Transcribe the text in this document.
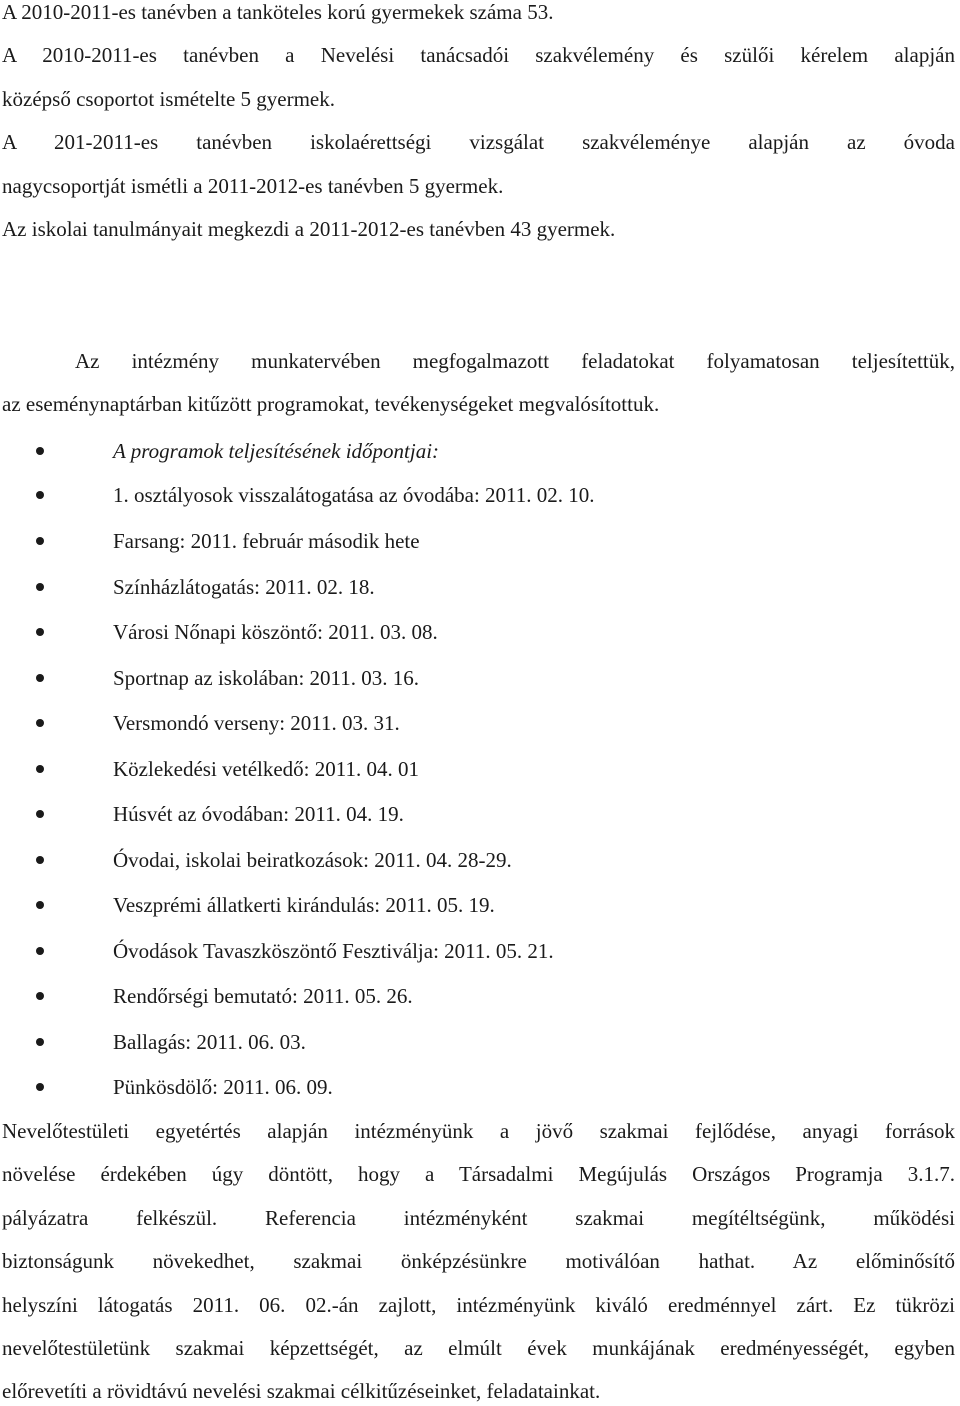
A 2010-2011-es tanévben a tanköteles korú gyermekek száma 53.
A 2010-2011-es tanévben a Nevelési tanácsadói szakvélemény és szülői kérelem alapján
középső csoportot ismételte 5 gyermek.
A 201-2011-es tanévben iskolaérettségi vizsgálat szakvéleménye alapján az óvoda
nagycsoportját ismétli a 2011-2012-es tanévben 5 gyermek.
Az iskolai tanulmányait megkezdi a 2011-2012-es tanévben 43 gyermek.
Az intézmény munkatervében megfogalmazott feladatokat folyamatosan teljesítettük,
az eseménynaptárban kitűzött programokat, tevékenységeket megvalósítottuk.
A programok teljesítésének időpontjai:
1. osztályosok visszalátogatása az óvodába: 2011. 02. 10.
Farsang: 2011. február második hete
Színházlátogatás: 2011. 02. 18.
Városi Nőnapi köszöntő: 2011. 03. 08.
Sportnap az iskolában: 2011. 03. 16.
Versmondó verseny: 2011. 03. 31.
Közlekedési vetélkedő: 2011. 04. 01
Húsvét az óvodában: 2011. 04. 19.
Óvodai, iskolai beiratkozások: 2011. 04. 28-29.
Veszprémi állatkerti kirándulás: 2011. 05. 19.
Óvodások Tavaszköszöntő Fesztiválja: 2011. 05. 21.
Rendőrségi bemutató: 2011. 05. 26.
Ballagás: 2011. 06. 03.
Pünkösdölő: 2011. 06. 09.
Nevelőtestületi egyetértés alapján intézményünk a jövő szakmai fejlődése, anyagi források
növelése érdekében úgy döntött, hogy a Társadalmi Megújulás Országos Programja 3.1.7.
pályázatra felkészül. Referencia intézményként szakmai megítéltségünk, működési
biztonságunk növekedhet, szakmai önképzésünkre motiválóan hathat. Az előminősítő
helyszíni látogatás 2011. 06. 02.-án zajlott, intézményünk kiváló eredménnyel zárt. Ez tükrözi
nevelőtestületünk szakmai képzettségét, az elmúlt évek munkájának eredményességét, egyben
előrevetíti a rövidtávú nevelési szakmai célkitűzéseinket, feladatainkat.
